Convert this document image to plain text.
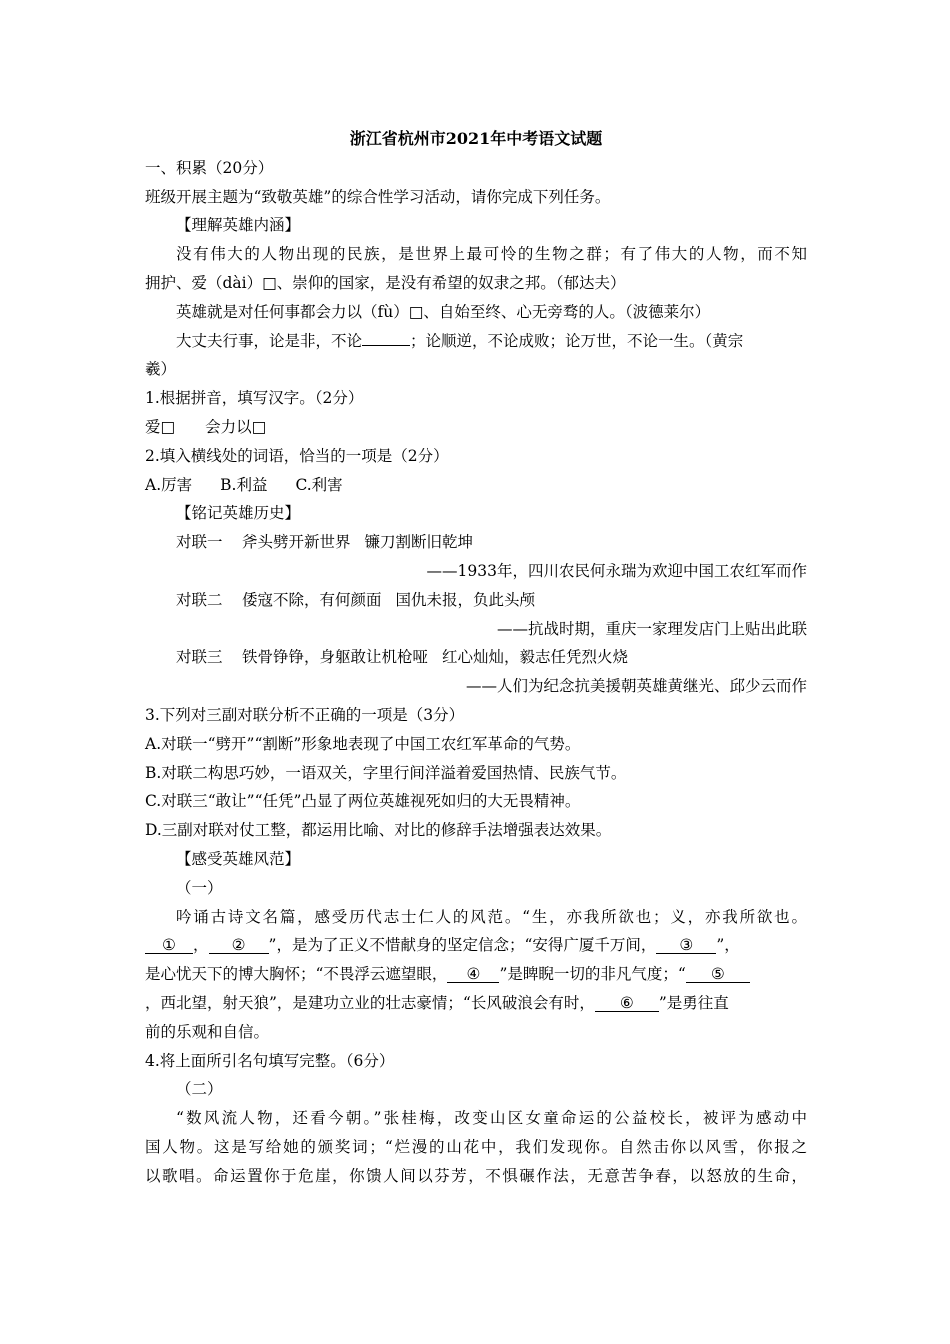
浙江省杭州市2021年中考语文试题
一、积累（20分）
班级开展主题为“致敬英雄”的综合性学习活动，请你完成下列任务。
【理解英雄内涵】
没有伟大的人物出现的民族，是世界上最可怜的生物之群；有了伟大的人物，而不知
拥护、爱（dài）□、崇仰的国家，是没有希望的奴隶之邦。（郁达夫）
英雄就是对任何事都会力以（fù）□、自始至终、心无旁骛的人。（波德莱尔）
大丈夫行事，论是非，不论	；论顺逆，不论成败；论万世，不论一生。（黄宗
羲）
1.根据拼音，填写汉字。（2分）
爱□ 会力以□
2.填入横线处的词语，恰当的一项是（2分）
A.厉害 B.利益 C.利害
【铭记英雄历史】
对联一 斧头劈开新世界 镰刀割断旧乾坤
——1933年，四川农民何永瑞为欢迎中国工农红军而作
对联二 倭寇不除，有何颜面 国仇未报，负此头颅
——抗战时期，重庆一家理发店门上贴出此联
对联三 铁骨铮铮，身躯敢让机枪哑 红心灿灿，毅志任凭烈火烧
——人们为纪念抗美援朝英雄黄继光、邱少云而作
3.下列对三副对联分析不正确的一项是（3分）
A.对联一“劈开”“割断”形象地表现了中国工农红军革命的气势。
B.对联二构思巧妙，一语双关，字里行间洋溢着爱国热情、民族气节。
C.对联三“敢让”“任凭”凸显了两位英雄视死如归的大无畏精神。
D.三副对联对仗工整，都运用比喻、对比的修辞手法增强表达效果。
【感受英雄风范】
（一）
吟诵古诗文名篇，感受历代志士仁人的风范。“生，亦我所欲也；义，亦我所欲也。
① ， ② ”，是为了正义不惜献身的坚定信念；“安得广厦千万间， ③ ”，
是心忧天下的博大胸怀；“不畏浮云遮望眼， ④ ”是睥睨一切的非凡气度；“ ⑤
，西北望，射天狼”，是建功立业的壮志豪情；“长风破浪会有时， ⑥ ”是勇往直
前的乐观和自信。
4.将上面所引名句填写完整。（6分）
（二）
“数风流人物，还看今朝。”张桂梅，改变山区女童命运的公益校长，被评为感动中
国人物。这是写给她的颁奖词；“烂漫的山花中，我们发现你。自然击你以风雪，你报之
以歌唱。命运置你于危崖，你馈人间以芬芳，不惧碾作法，无意苦争春，以怒放的生命，
